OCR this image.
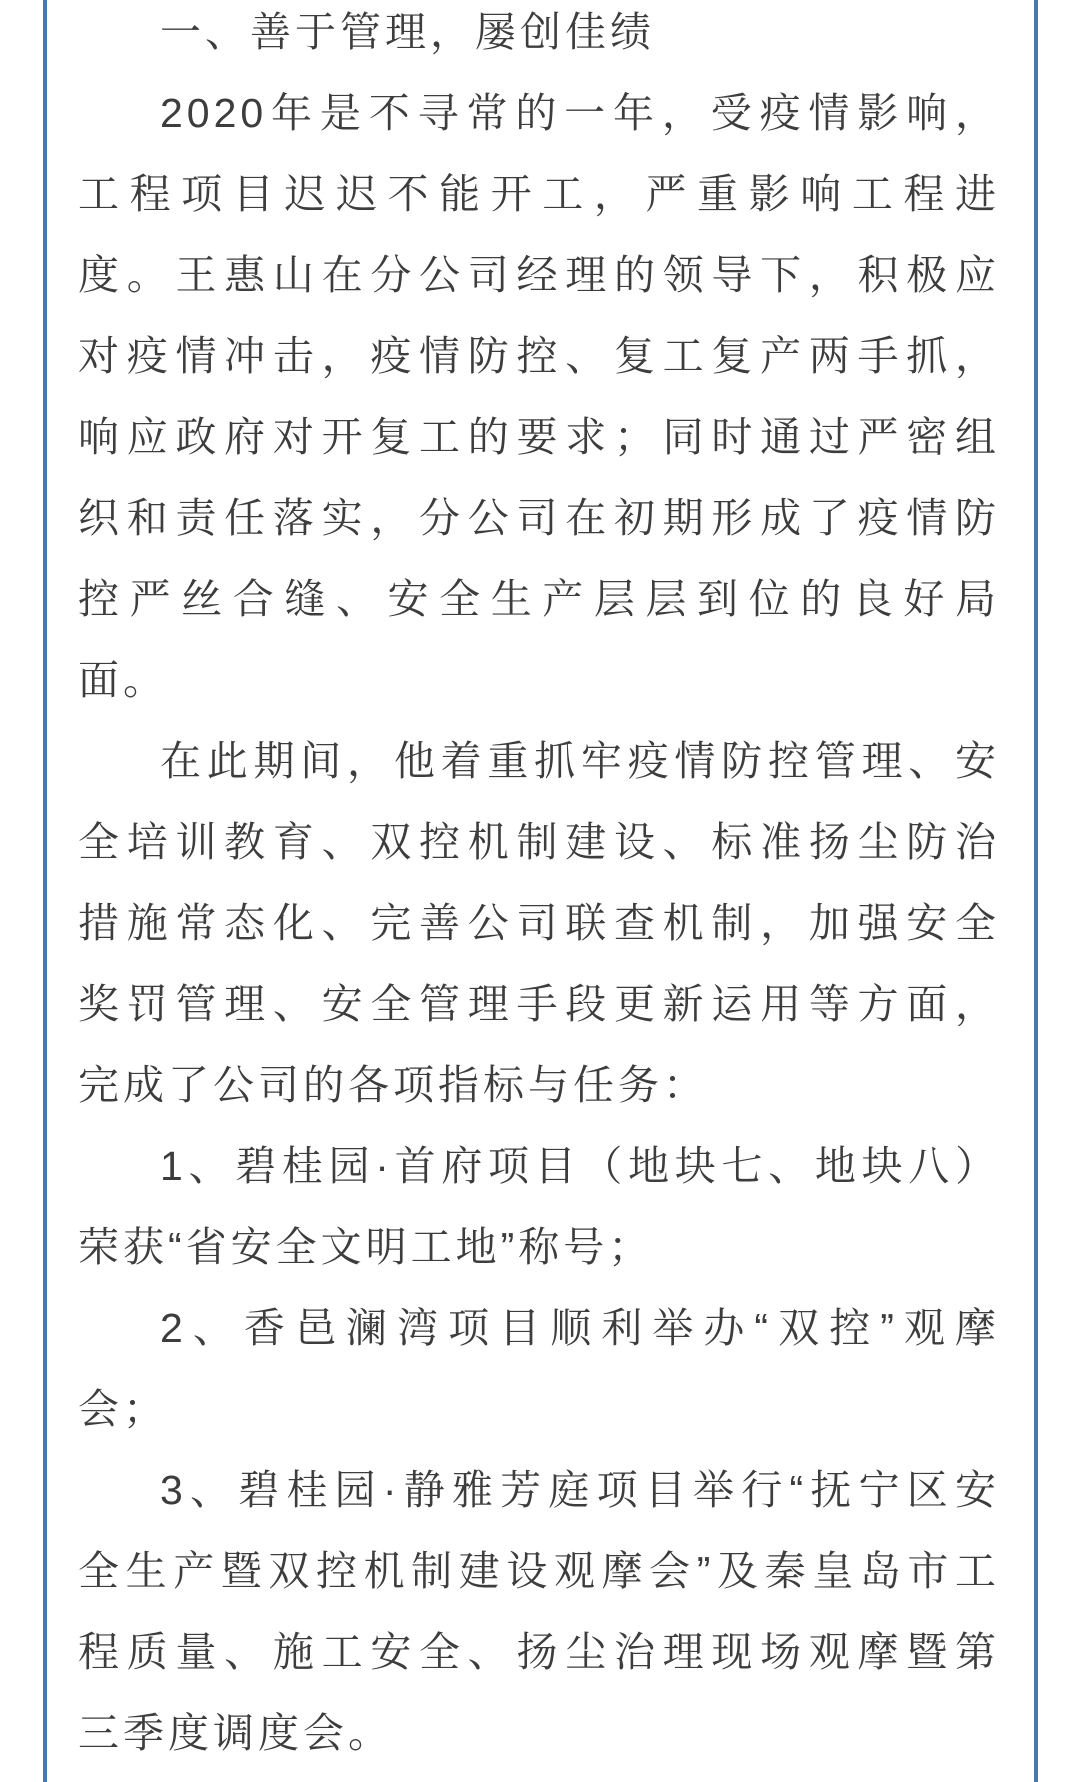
一、善于管理，屡创佳绩
2020年是不寻常的一年，受疫情影响，
工程项目迟迟不能开工，严重影响工程进
度。王惠山在分公司经理的领导下，积极应
对疫情冲击，疫情防控、复工复产两手抓，
响应政府对开复工的要求；同时通过严密组
织和责任落实，分公司在初期形成了疫情防
控严丝合缝、安全生产层层到位的良好局
面。
在此期间，他着重抓牢疫情防控管理、安
全培训教育、双控机制建设、标准扬尘防治
措施常态化、完善公司联查机制，加强安全
奖罚管理、安全管理手段更新运用等方面，
完成了公司的各项指标与任务：
1、碧桂园·首府项目（地块七、地块八）
荣获“省安全文明工地”称号；
2、香邑澜湾项目顺利举办“双控”观摩
会；
3、碧桂园·静雅芳庭项目举行“抚宁区安
全生产暨双控机制建设观摩会”及秦皇岛市工
程质量、施工安全、扬尘治理现场观摩暨第
三季度调度会。
